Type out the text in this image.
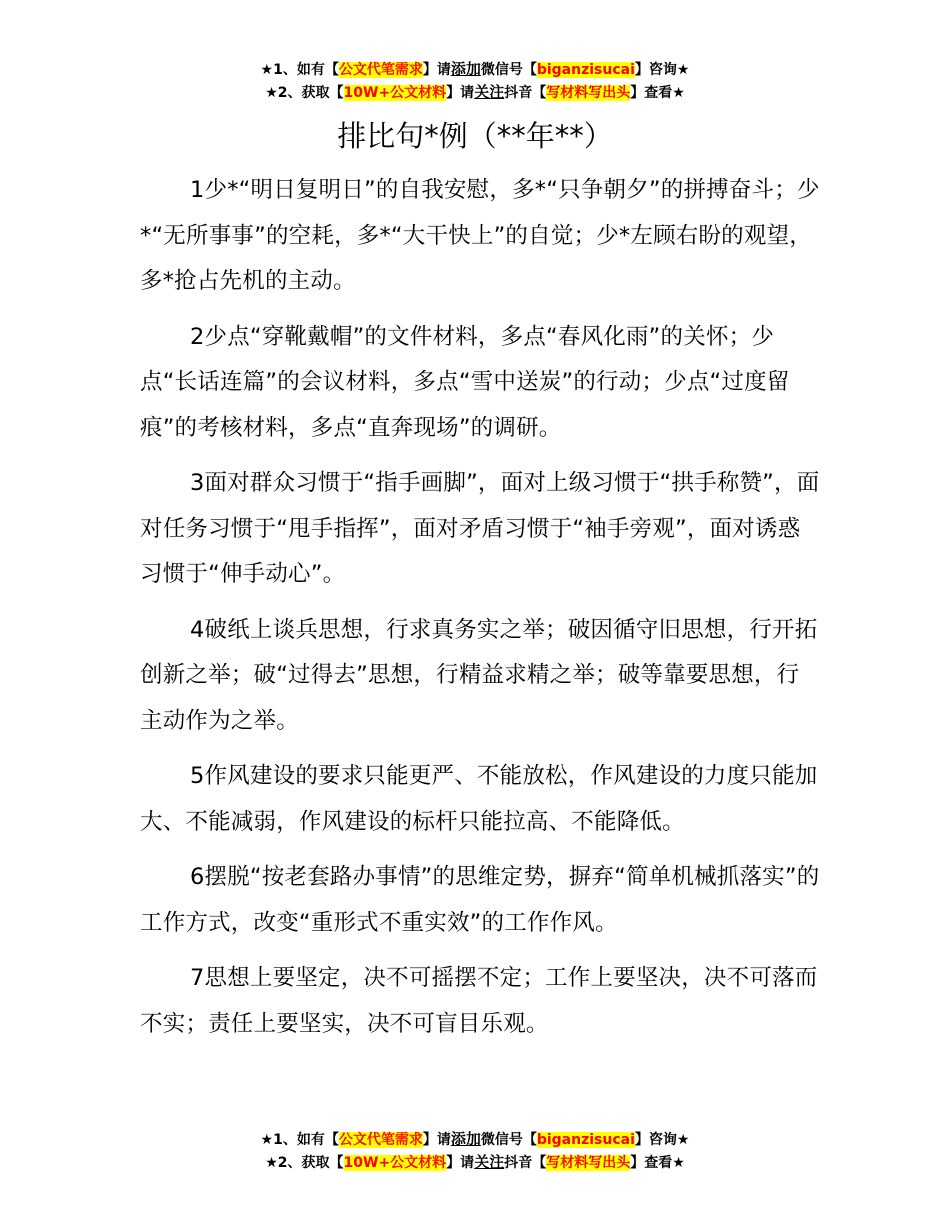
★1、如有【公文代笔需求】请添加微信号【biganzisucai】咨询★
★2、获取【10W+公文材料】请关注抖音【写材料写出头】查看★
排比句*例（**年**）

1少*“明日复明日”的自我安慰，多*“只争朝夕”的拼搏奋斗；少*“无所事事”的空耗，多*“大干快上”的自觉；少*左顾右盼的观望，多*抢占先机的主动。

2少点“穿靴戴帽”的文件材料，多点“春风化雨”的关怀；少点“长话连篇”的会议材料，多点“雪中送炭”的行动；少点“过度留痕”的考核材料，多点“直奔现场”的调研。

3面对群众习惯于“指手画脚”，面对上级习惯于“拱手称赞”，面对任务习惯于“甩手指挥”，面对矛盾习惯于“袖手旁观”，面对诱惑习惯于“伸手动心”。

4破纸上谈兵思想，行求真务实之举；破因循守旧思想，行开拓创新之举；破“过得去”思想，行精益求精之举；破等靠要思想，行主动作为之举。

5作风建设的要求只能更严、不能放松，作风建设的力度只能加大、不能减弱，作风建设的标杆只能拉高、不能降低。

6摆脱“按老套路办事情”的思维定势，摒弃“简单机械抓落实”的工作方式，改变“重形式不重实效”的工作作风。

7思想上要坚定，决不可摇摆不定；工作上要坚决，决不可落而不实；责任上要坚实，决不可盲目乐观。

★1、如有【公文代笔需求】请添加微信号【biganzisucai】咨询★
★2、获取【10W+公文材料】请关注抖音【写材料写出头】查看★
